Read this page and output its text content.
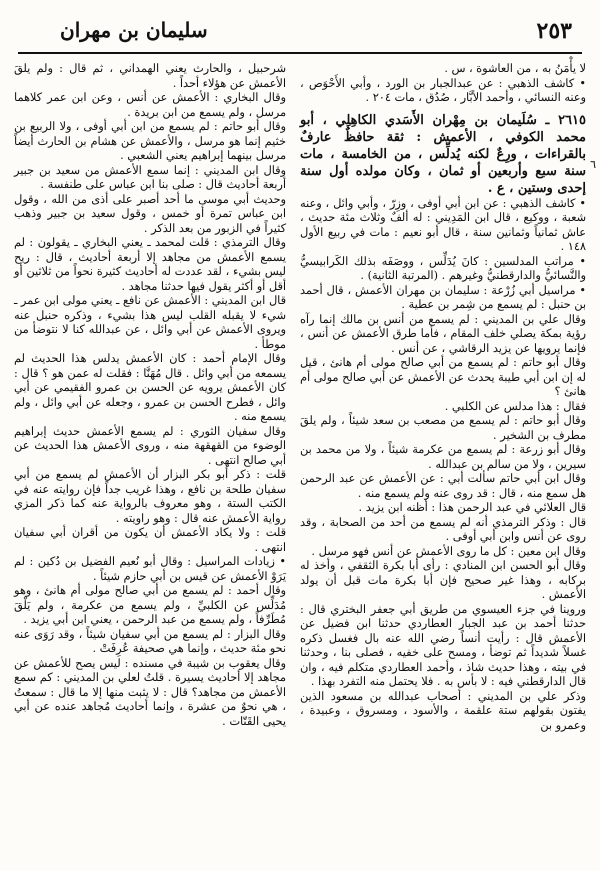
٢٥٣
سليمان بن مهران
٦

لا يأْمَنُ به ، من العاشوة ، س .

• كاشف الذهبي : عن عبدالجبار بن الورد ، وأبي الأَحْوَص ، وعنه النسائي ، وأحمد الأبَّار ، صُدُق ، مات ٢٠٤ .

٢٦١٥ ـ سُلَيمان بن مِهْران الأَسَدي الكاهِلِي ، أبو محمد الكوفي ، الأعمش : ثقة حافظٌ عارفٌ بالقراءات ، ورِعٌ لكنه يُدلِّس ، من الخامسة ، مات سنة سبع وأربعين أو ثمان ، وكان مولده أول سنة إحدى وستين ، ع .

• كاشف الذهبي : عن ابن أبي أوفى ، وزِرّ ، وأبي وائل ، وعنه شعبة ، ووكيع ، قال ابن المَدِيني : له ألفٌ وثلاث مئة حديث ، عاش ثمانياً وثمانين سنة ، قال أبو نعيم : مات في ربيع الأول ١٤٨ .

• مراتب المدلسين : كانَ يُدَلِّس ، ووصَفَه بذلك الكَرابيسيُّ والنَّسائيُّ والدارقطنيُّ وغيرهم . (المرتبة الثانية) .

• مراسيل أبي زُرْعة : سليمان بن مهران الأعمش ، قال أحمد بن حنبل : لم يسمع من شِمر بن عطية .

وقال علي بن المديني : لم يسمع من أنس بن مالك إنما رآه رؤية بمكة يصلي خلف المقام ، فأما طرق الأعمش عن أنس ، فإنما يرويها عن يزيد الرقاشي ، عن أنس .

وقال أبو حاتم : لم يسمع من أبي صالح مولى أم هانئ ، قيل له إن ابن أبي طيبة يحدث عن الأعمش عن أبي صالح مولى أم هانئ ؟

فقال : هذا مدلس عن الكلبي .

وقال أبو حاتم : لم يسمع من مصعب بن سعد شيئاً ، ولم يلقَ مطرف بن الشخير .

وقال أبو زرعة : لم يسمع من عكرمة شيئاً ، ولا من محمد بن سيرين ، ولا من سالم بن عبدالله .

وقال ابن أبي حاتم سألت أبي : عن الأعمش عن عبد الرحمن هل سمع منه ، قال : قد روى عنه ولم يسمع منه .

قال العلائي في عبد الرحمن هذا : أظنه ابن يزيد .

قال : وذكر الترمذي أنه لم يسمع من أحد من الصحابة ، وقد روى عن أنس وابن أبي أوفى .

وقال ابن معين : كل ما روى الأعمش عن أنس فهو مرسل .

وقال أبو الحسن ابن المنادي : رأى أبا بكرة الثقفي ، وأخذ له بركابه ، وهذا غير صحيح فإن أبا بكرة مات قبل أن يولد الأعمش .

وروينا في جزء العيسوي من طريق أبي جعفر البختري قال : حدثنا أحمد بن عبد الجبار العطاردي حدثنا ابن فضيل عن الأعمش قال : رأيت أنساً رضي الله عنه بال فغسل ذكره غسلاً شديداً ثم توضأ ، ومسح على خفيه ، فصلى بنا ، وحدثنا في بيته ، وهذا حديث شاذ ، وأحمد العطاردي متكلم فيه ، وان قال الدارقطني فيه : لا بأس به . فلا يحتمل منه التفرد بهذا .

وذكر علي بن المديني : أصحاب عبدالله بن مسعود الذين يفتون بقولهم ستة علقمة ، والأسود ، ومسروق ، وعبيدة ، وعمرو بن

شرحبيل ، والحارث يعني الهمداني ، ثم قال : ولم يلقَ الأعمش عن هؤلاء أحداً .

وقال البخاري : الأعمش عن أنس ، وعن ابن عمر كلاهما مرسل ، ولم يسمع من ابن بريدة .

وقال أبو حاتم : لم يسمع من ابن أبي أوفى ، ولا الربيع بن خثيم إنما هو مرسل ، والأعمش عن هشام بن الحارث أيضاً مرسل بينهما إبراهيم يعني الشعبي .

وقال ابن المديني : إنما سمع الأعمش من سعيد بن جبير أربعة أحاديث قال : صلى بنا ابن عباس على طنفسة .

وحديث أبي موسى ما أحد أصبر على أذى من الله ، وقول ابن عباس تمرة أو خمس ، وقول سعيد بن جبير وذهب كثيراً في الزبور من بعد الذكر .

وقال الترمذي : قلت لمحمد ـ يعني البخاري ـ يقولون : لم يسمع الأعمش من مجاهد إلا أربعة أحاديث ، قال : ريح ليس بشيء ، لقد عددت له أحاديث كثيرة نحواً من ثلاثين أو أقل أو أكثر يقول فيها حدثنا مجاهد .

قال ابن المديني : الأعمش عن نافع ـ يعني مولى ابن عمر ـ شيء لا يقبله القلب ليس هذا بشيء ، وذكره حنبل عنه ويروى الأعمش عن أبي وائل ، عن عبدالله كنا لا نتوضأ من موطأ .

وقال الإمام أحمد : كان الأعمش يدلس هذا الحديث لم يسمعه من أبي وائل . قال مُهَنَّا : فقلت له عمن هو ؟ قال : كان الأعمش يرويه عن الحسن بن عمرو الفقيمي عن أبي وائل ، فطرح الحسن بن عمرو ، وجعله عن أبي وائل ، ولم يسمع منه .

وقال سفيان الثوري : لم يسمع الأعمش حديث إبراهيم الوضوء من القهقهة منه ، وروى الأعمش هذا الحديث عن أبي صالح انتهى .

قلت : ذكر أبو بكر البزار أن الأعمش لم يسمع من أبي سفيان طلحة بن نافع ، وهذا غريب جداً فإن روايته عنه في الكتب الستة ، وهو معروف بالرواية عنه كما ذكر المزي رواية الأعمش عنه قال : وهو راويته .

قلت : ولا يكاد الأعمش أن يكون من أقران أبي سفيان انتهى .

• زيادات المراسيل : وقال أبو نُعيم الفضيل بن دُكين : لم يَرَوْ الأعمش عن قيس بن أبي حازم شيئاً .

وقال أحمد : لم يسمع من أبي صالح مولى أم هانئ ، وهو مُدَلِّس عن الكلبيِّ ، ولم يسمع من عكرمة ، ولم يَلْقَ مُطَرِّفاً ، ولم يسمع من عبد الرحمن ، يعني ابن أبي يزيد .

وقال البزار : لم يسمع من أبي سفيان شيئاً ، وقد رَوَى عنه نحو مئة حديث ، وإنما هي صحيفة عُرِفَتْ .

وقال يعقوب بن شيبة في مسنده : ليس يصح للأعمش عن مجاهد إلا أحاديث يسيرة . قلتُ لعلي بن المديني : كم سمع الأعمش من مجاهد؟ قال : لا يثبت منها إلا ما قال : سمعتُ ، هي نحوٌ من عشرة ، وإنما أحاديث مُجاهد عنده عن أبي يحيى القَتّات .
